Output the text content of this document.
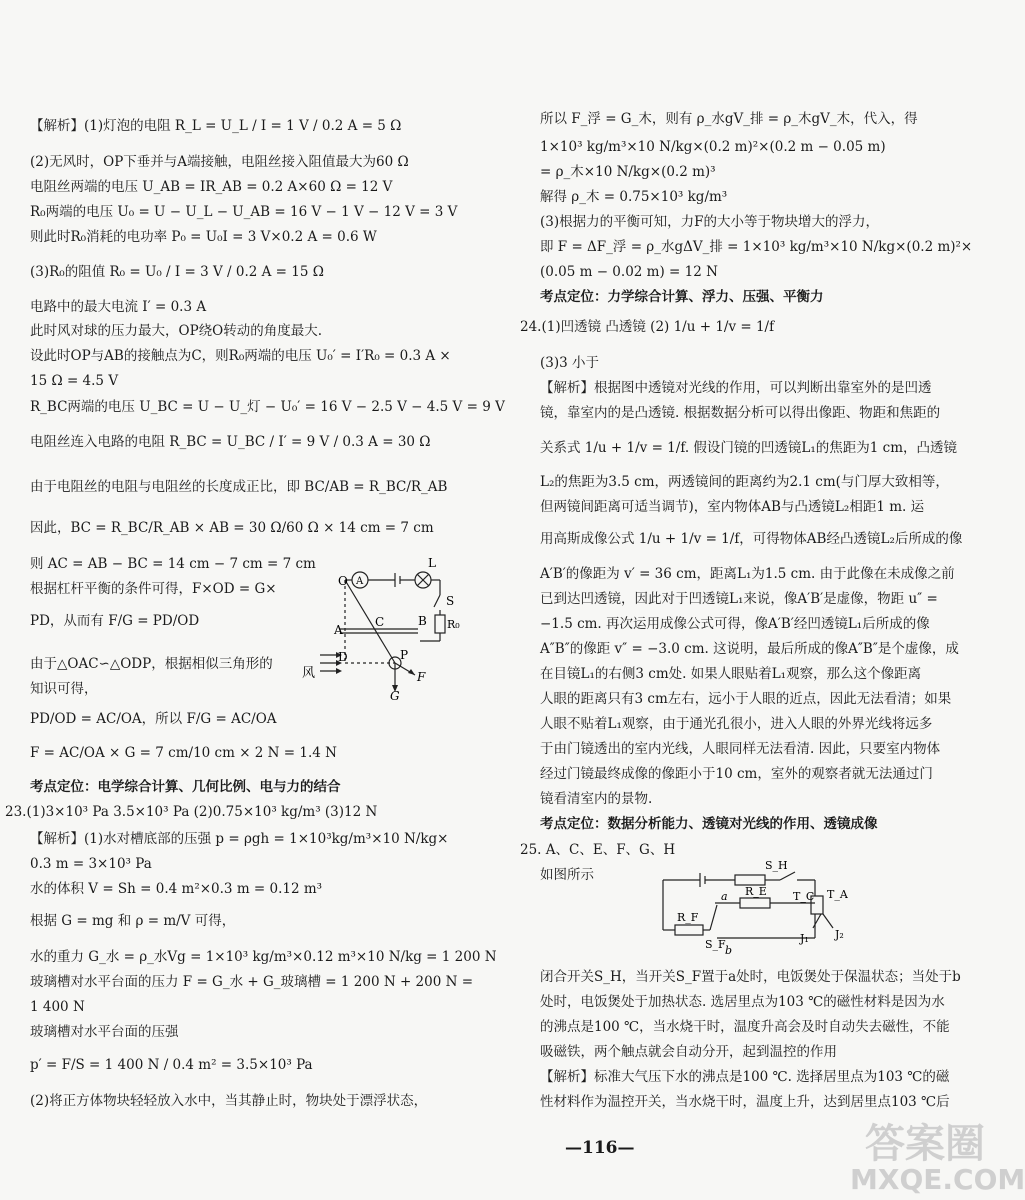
【解析】(1)灯泡的电阻 R_L = U_L / I = 1 V / 0.2 A = 5 Ω
(2)无风时，OP下垂并与A端接触，电阻丝接入阻值最大为60 Ω
电阻丝两端的电压 U_AB = IR_AB = 0.2 A×60 Ω = 12 V
R₀两端的电压 U₀ = U − U_L − U_AB = 16 V − 1 V − 12 V = 3 V
则此时R₀消耗的电功率 P₀ = U₀I = 3 V×0.2 A = 0.6 W
(3)R₀的阻值 R₀ = U₀ / I = 3 V / 0.2 A = 15 Ω
电路中的最大电流 I′ = 0.3 A
此时风对球的压力最大，OP绕O转动的角度最大.
设此时OP与AB的接触点为C，则R₀两端的电压 U₀′ = I′R₀ = 0.3 A ×
15 Ω = 4.5 V
R_BC两端的电压 U_BC = U − U_灯 − U₀′ = 16 V − 2.5 V − 4.5 V = 9 V
电阻丝连入电路的电阻 R_BC = U_BC / I′ = 9 V / 0.3 A = 30 Ω
由于电阻丝的电阻与电阻丝的长度成正比，即 BC/AB = R_BC/R_AB
因此，BC = R_BC/R_AB × AB = 30 Ω/60 Ω × 14 cm = 7 cm
则 AC = AB − BC = 14 cm − 7 cm = 7 cm
根据杠杆平衡的条件可得，F×OD = G×
PD，从而有 F/G = PD/OD
由于△OAC∽△ODP，根据相似三角形的
知识可得，
PD/OD = AC/OA，所以 F/G = AC/OA
F = AC/OA × G = 7 cm/10 cm × 2 N = 1.4 N
考点定位：电学综合计算、几何比例、电与力的结合
23.(1)3×10³ Pa 3.5×10³ Pa (2)0.75×10³ kg/m³ (3)12 N
【解析】(1)水对槽底部的压强 p = ρgh = 1×10³kg/m³×10 N/kg×
0.3 m = 3×10³ Pa
水的体积 V = Sh = 0.4 m²×0.3 m = 0.12 m³
根据 G = mg 和 ρ = m/V 可得，
水的重力 G_水 = ρ_水Vg = 1×10³ kg/m³×0.12 m³×10 N/kg = 1 200 N
玻璃槽对水平台面的压力 F = G_水 + G_玻璃槽 = 1 200 N + 200 N =
1 400 N
玻璃槽对水平台面的压强
p′ = F/S = 1 400 N / 0.4 m² = 3.5×10³ Pa
(2)将正方体物块轻轻放入水中，当其静止时，物块处于漂浮状态，
O A
L
S
R₀
A
C	B
P
D
F
G
风
所以 F_浮 = G_木，则有 ρ_水gV_排 = ρ_木gV_木，代入，得
1×10³ kg/m³×10 N/kg×(0.2 m)²×(0.2 m − 0.05 m)
= ρ_木×10 N/kg×(0.2 m)³
解得 ρ_木 = 0.75×10³ kg/m³
(3)根据力的平衡可知，力F的大小等于物块增大的浮力，
即 F = ΔF_浮 = ρ_水gΔV_排 = 1×10³ kg/m³×10 N/kg×(0.2 m)²×
(0.05 m − 0.02 m) = 12 N
考点定位：力学综合计算、浮力、压强、平衡力
24.(1)凹透镜 凸透镜 (2) 1/u + 1/v = 1/f
(3)3 小于
【解析】根据图中透镜对光线的作用，可以判断出靠室外的是凹透
镜，靠室内的是凸透镜. 根据数据分析可以得出像距、物距和焦距的
关系式 1/u + 1/v = 1/f. 假设门镜的凹透镜L₁的焦距为1 cm，凸透镜
L₂的焦距为3.5 cm，两透镜间的距离约为2.1 cm(与门厚大致相等，
但两镜间距离可适当调节)，室内物体AB与凸透镜L₂相距1 m. 运
用高斯成像公式 1/u + 1/v = 1/f，可得物体AB经凸透镜L₂后所成的像
A′B′的像距为 v′ = 36 cm，距离L₁为1.5 cm. 由于此像在未成像之前
已到达凹透镜，因此对于凹透镜L₁来说，像A′B′是虚像，物距 u″ =
−1.5 cm. 再次运用成像公式可得，像A′B′经凹透镜L₁后所成的像
A″B″的像距 v″ = −3.0 cm. 这说明，最后所成的像A″B″是个虚像，成
在目镜L₁的右侧3 cm处. 如果人眼贴着L₁观察，那么这个像距离
人眼的距离只有3 cm左右，远小于人眼的近点，因此无法看清；如果
人眼不贴着L₁观察，由于通光孔很小，进入人眼的外界光线将远多
于由门镜透出的室内光线，人眼同样无法看清. 因此，只要室内物体
经过门镜最终成像的像距小于10 cm，室外的观察者就无法通过门
镜看清室内的景物.
考点定位：数据分析能力、透镜对光线的作用、透镜成像
25. A、C、E、F、G、H
如图所示
闭合开关S_H，当开关S_F置于a处时，电饭煲处于保温状态；当处于b
处时，电饭煲处于加热状态. 选居里点为103 ℃的磁性材料是因为水
的沸点是100 ℃，当水烧干时，温度升高会及时自动失去磁性，不能
吸磁铁，两个触点就会自动分开，起到温控的作用
【解析】标准大气压下水的沸点是100 ℃. 选择居里点为103 ℃的磁
性材料作为温控开关，当水烧干时，温度上升，达到居里点103 ℃后
S_H
R_F
R_E
a
b
S_F
T_C T_A
J₁ J₂
—116—	答案圈
MXQE.COM
